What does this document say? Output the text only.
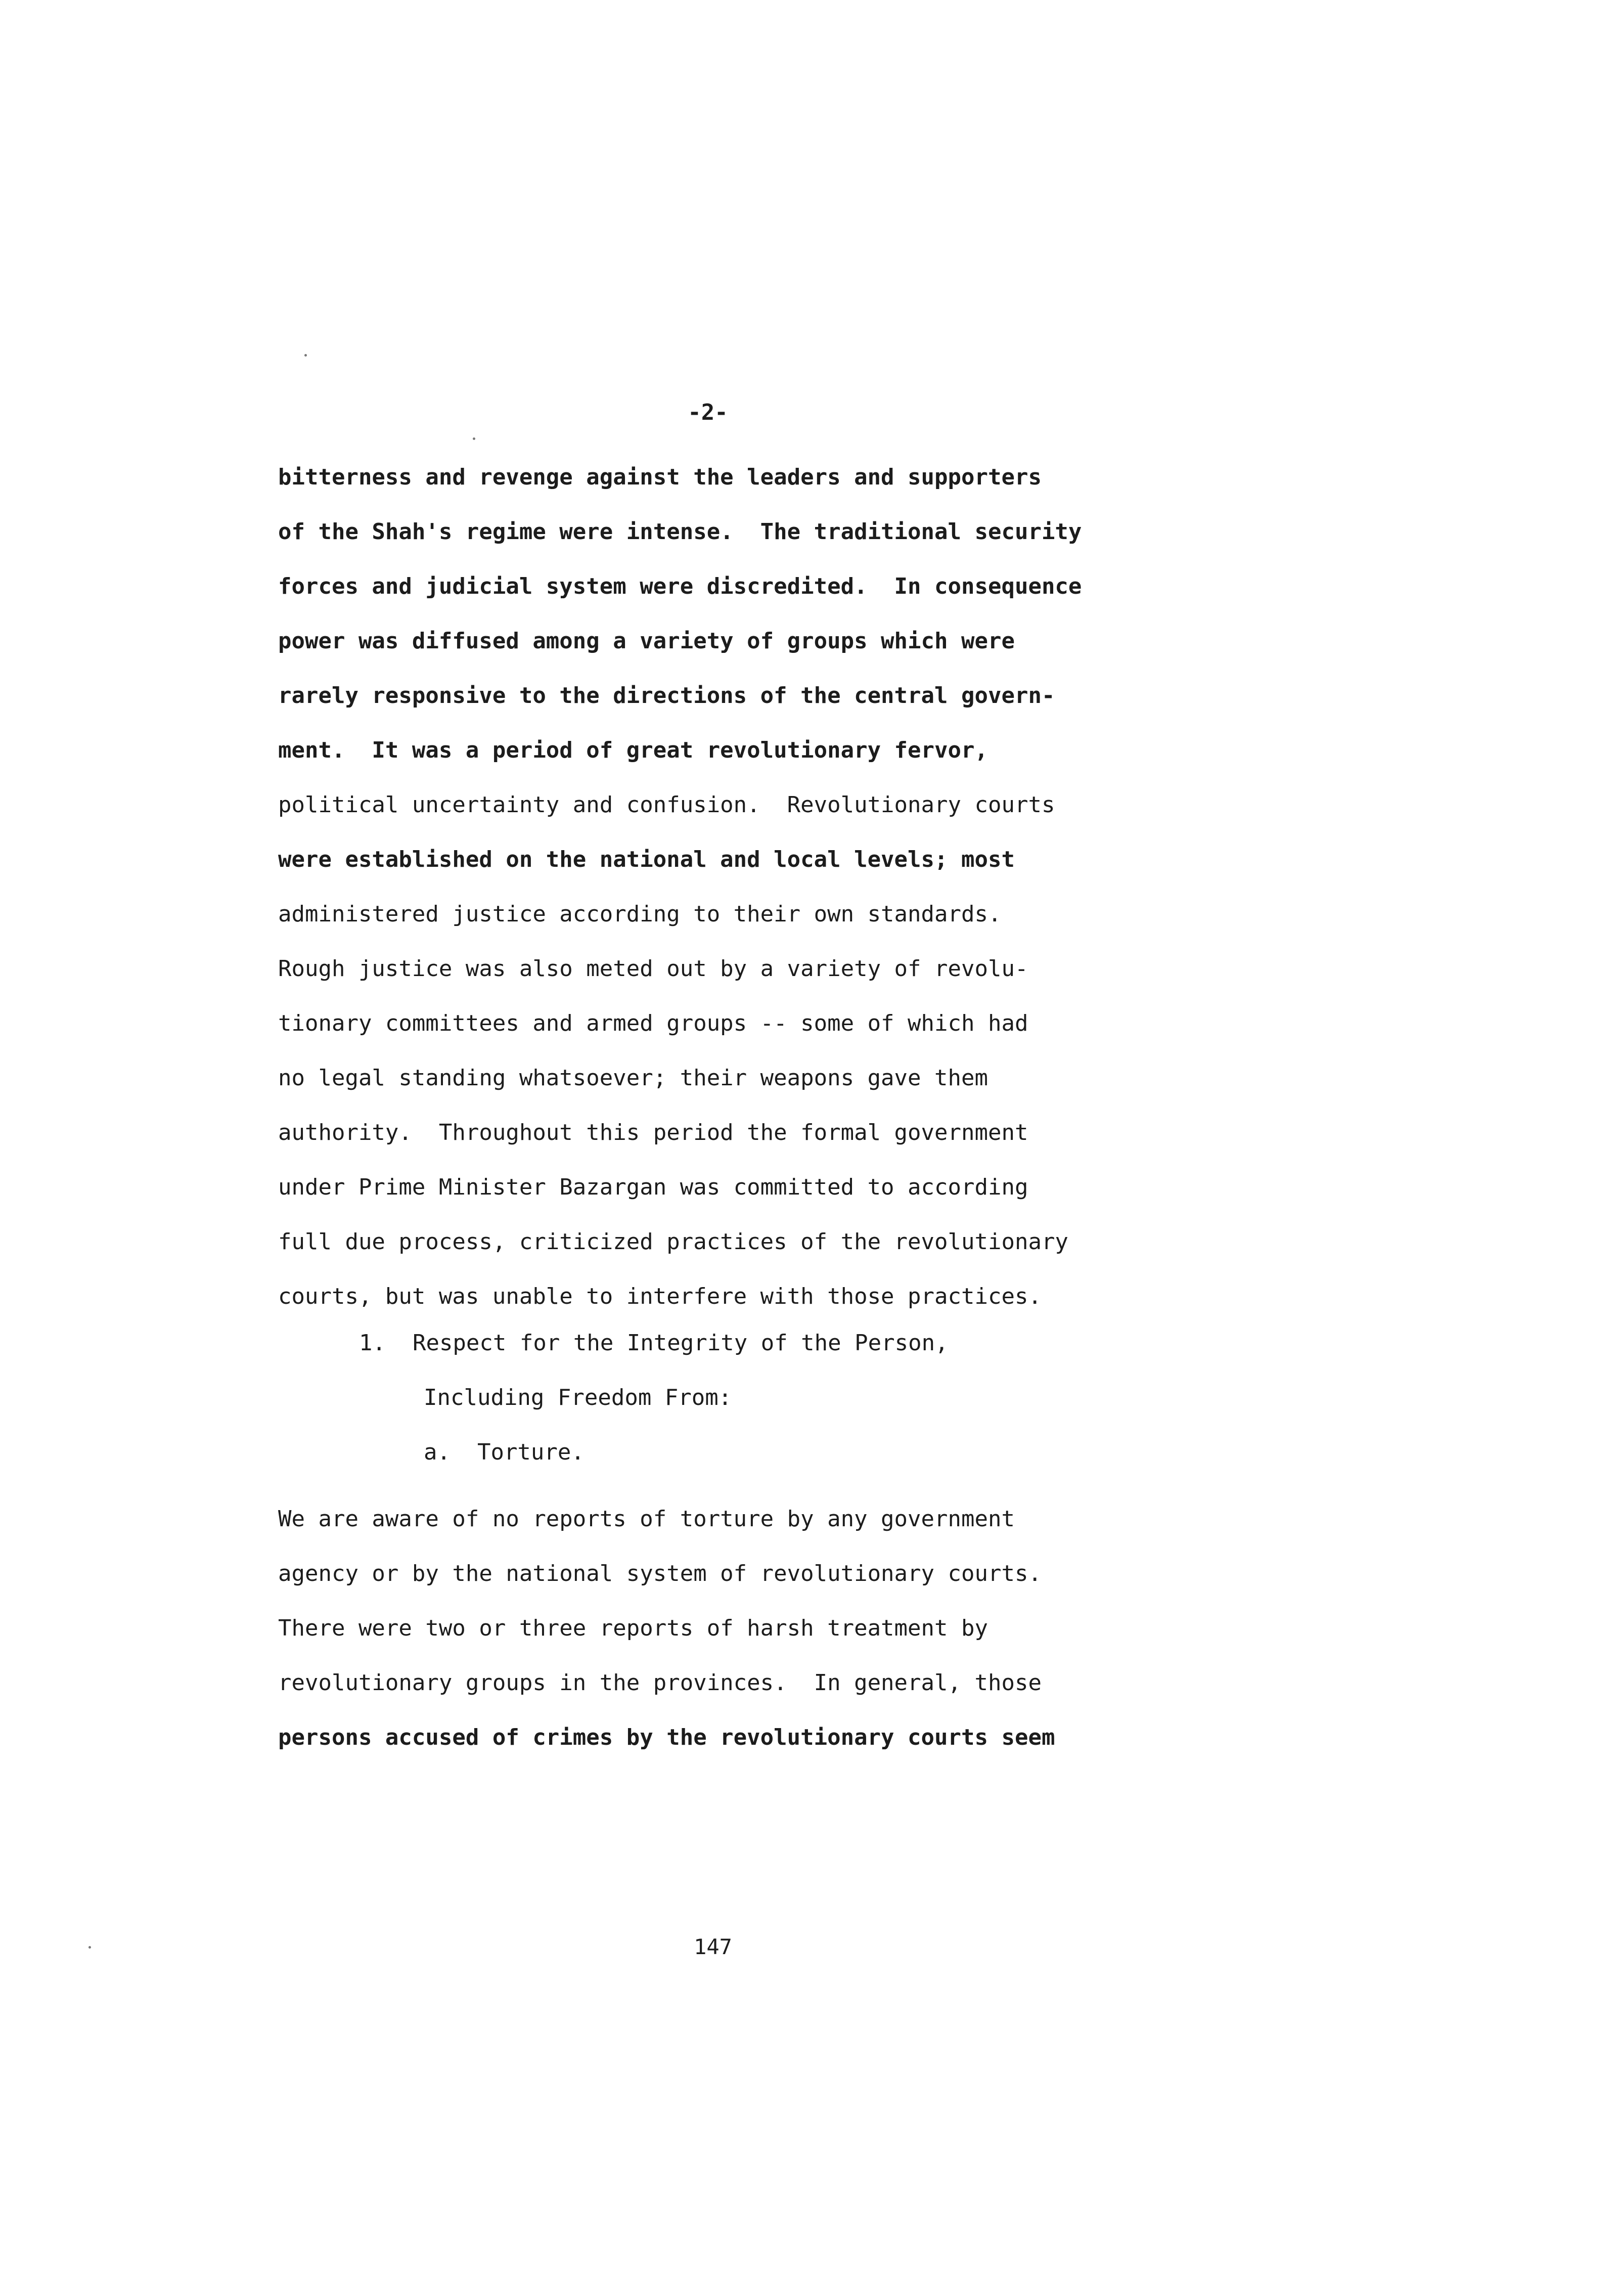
-2-
bitterness and revenge against the leaders and supporters
of the Shah's regime were intense.  The traditional security
forces and judicial system were discredited.  In consequence
power was diffused among a variety of groups which were
rarely responsive to the directions of the central govern-
ment.  It was a period of great revolutionary fervor,
political uncertainty and confusion.  Revolutionary courts
were established on the national and local levels; most
administered justice according to their own standards.
Rough justice was also meted out by a variety of revolu-
tionary committees and armed groups -- some of which had
no legal standing whatsoever; their weapons gave them
authority.  Throughout this period the formal government
under Prime Minister Bazargan was committed to according
full due process, criticized practices of the revolutionary
courts, but was unable to interfere with those practices.
1.  Respect for the Integrity of the Person,
Including Freedom From:
a.  Torture.
We are aware of no reports of torture by any government
agency or by the national system of revolutionary courts.
There were two or three reports of harsh treatment by
revolutionary groups in the provinces.  In general, those
persons accused of crimes by the revolutionary courts seem
147
